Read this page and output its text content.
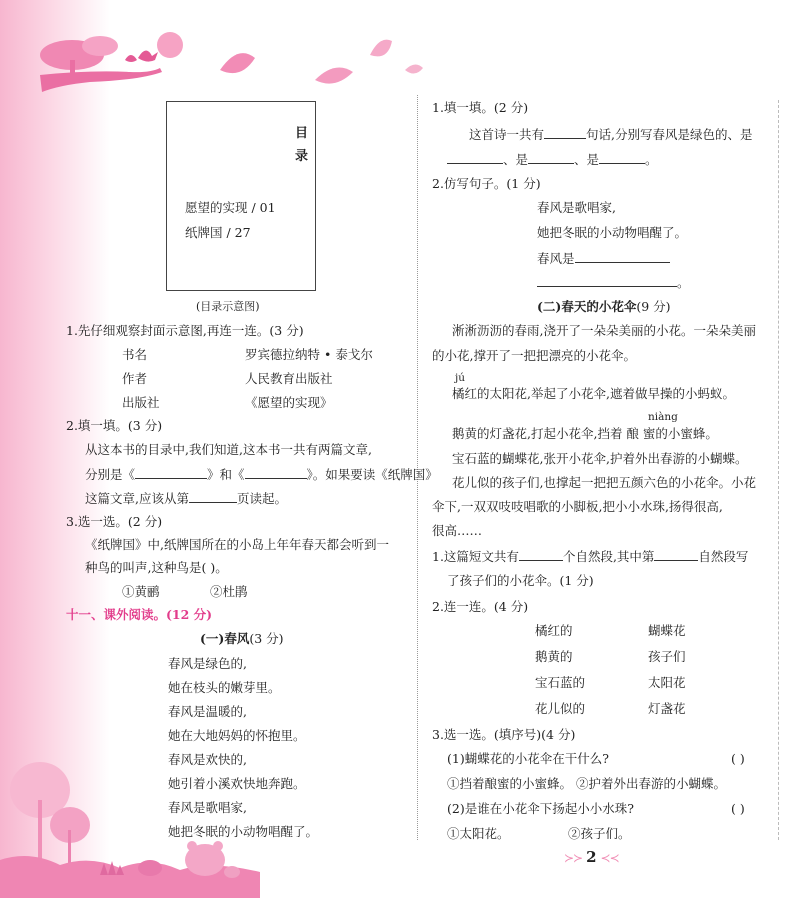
目
录
愿望的实现 / 01
纸牌国 / 27
(目录示意图)
1.先仔细观察封面示意图,再连一连。(3 分)
书名	罗宾德拉纳特 • 泰戈尔
作者	人民教育出版社
出版社	《愿望的实现》
2.填一填。(3 分)
从这本书的目录中,我们知道,这本书一共有两篇文章,
分别是《	》和《	》。如果要读《纸牌国》
这篇文章,应该从第	页读起。
3.选一选。(2 分)
《纸牌国》中,纸牌国所在的小岛上年年春天都会听到一
种鸟的叫声,这种鸟是( )。
①黄鹂	②杜鹃
十一、课外阅读。(12 分)
(一)春风(3 分)
春风是绿色的,
她在枝头的嫩芽里。
春风是温暖的,
她在大地妈妈的怀抱里。
春风是欢快的,
她引着小溪欢快地奔跑。
春风是歌唱家,
她把冬眠的小动物唱醒了。
1.填一填。(2 分)
这首诗一共有	句话,分别写春风是绿色的、是
、是	、是	。
2.仿写句子。(1 分)
春风是歌唱家,
她把冬眠的小动物唱醒了。
春风是
。
(二)春天的小花伞(9 分)
淅淅沥沥的春雨,浇开了一朵朵美丽的小花。一朵朵美丽
的小花,撑开了一把把漂亮的小花伞。
jú
橘红的太阳花,举起了小花伞,遮着做早操的小蚂蚁。
niàng
鹅黄的灯盏花,打起小花伞,挡着 酿 蜜的小蜜蜂。
宝石蓝的蝴蝶花,张开小花伞,护着外出春游的小蝴蝶。
花儿似的孩子们,也撑起一把把五颜六色的小花伞。小花
伞下,一双双吱吱唱歌的小脚板,把小小水珠,扬得很高,
很高……
1.这篇短文共有	个自然段,其中第	自然段写
了孩子们的小花伞。(1 分)
2.连一连。(4 分)
橘红的	蝴蝶花
鹅黄的	孩子们
宝石蓝的	太阳花
花儿似的	灯盏花
3.选一选。(填序号)(4 分)
(1)蝴蝶花的小花伞在干什么?	( )
①挡着酿蜜的小蜜蜂。 ②护着外出春游的小蝴蝶。
(2)是谁在小花伞下扬起小小水珠?	( )
①太阳花。	②孩子们。
≻≻ 2 ≺≺
